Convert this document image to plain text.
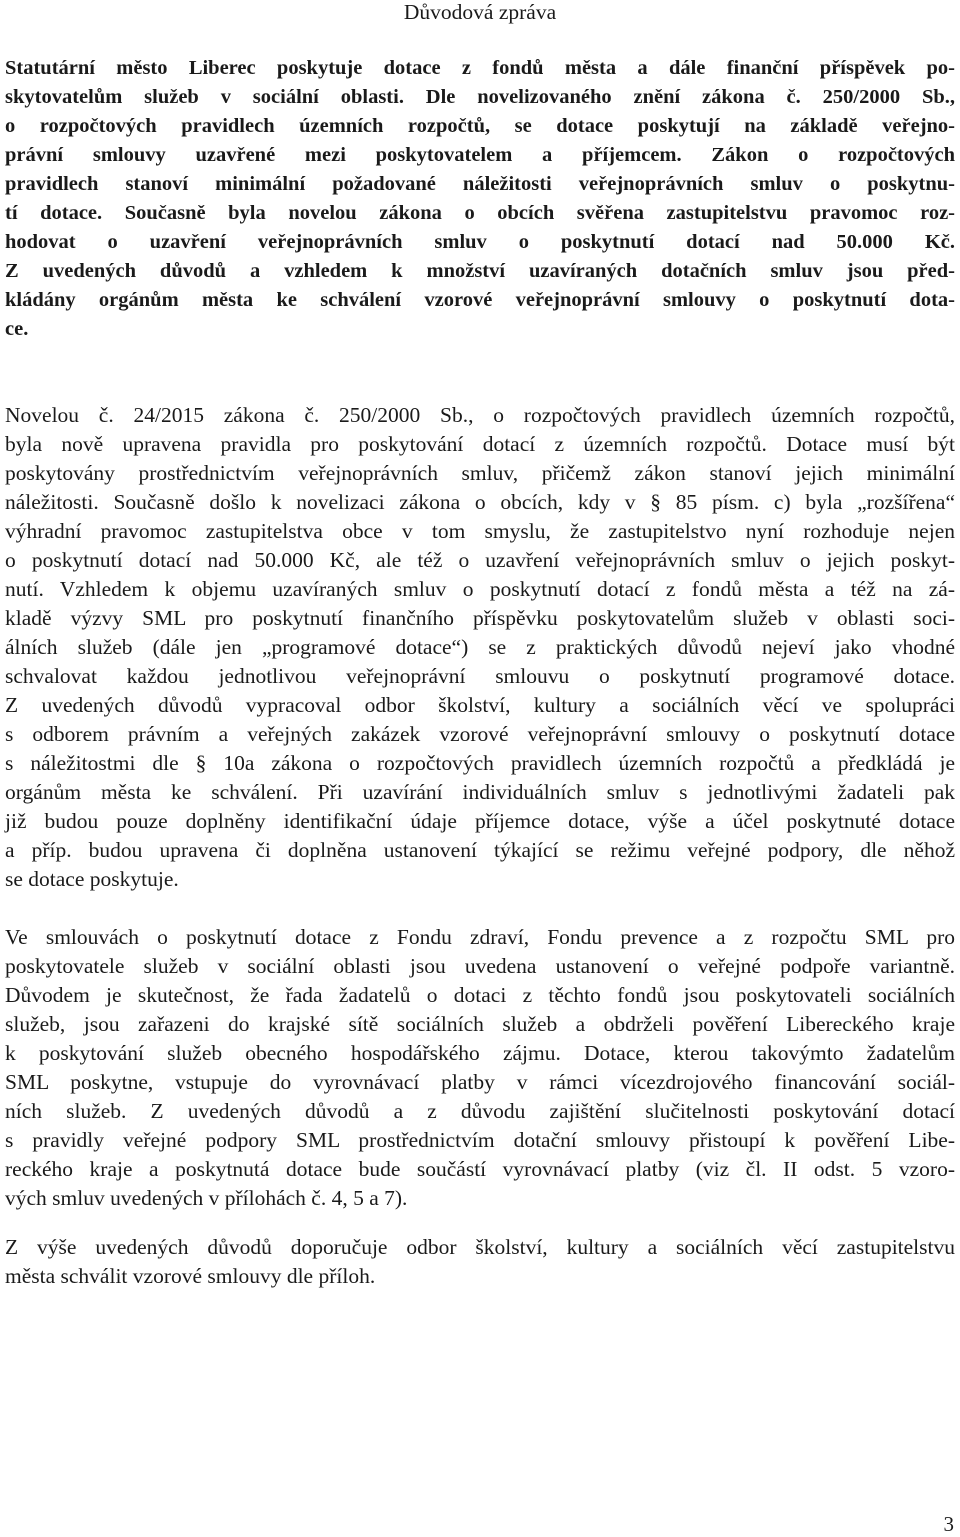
Důvodová zpráva

Statutární město Liberec poskytuje dotace z fondů města a dále finanční příspěvek po-

skytovatelům služeb v sociální oblasti. Dle novelizovaného znění zákona č. 250/2000 Sb.,

o rozpočtových pravidlech územních rozpočtů, se dotace poskytují na základě veřejno-

právní smlouvy uzavřené mezi poskytovatelem a příjemcem. Zákon o rozpočtových

pravidlech stanoví minimální požadované náležitosti veřejnoprávních smluv o poskytnu-

tí dotace. Současně byla novelou zákona o obcích svěřena zastupitelstvu pravomoc roz-

hodovat o uzavření veřejnoprávních smluv o poskytnutí dotací nad 50.000 Kč.

Z uvedených důvodů a vzhledem k množství uzavíraných dotačních smluv jsou před-

kládány orgánům města ke schválení vzorové veřejnoprávní smlouvy o poskytnutí dota-

ce.

Novelou č. 24/2015 zákona č. 250/2000 Sb., o rozpočtových pravidlech územních rozpočtů,

byla nově upravena pravidla pro poskytování dotací z územních rozpočtů. Dotace musí být

poskytovány prostřednictvím veřejnoprávních smluv, přičemž zákon stanoví jejich minimální

náležitosti. Současně došlo k novelizaci zákona o obcích, kdy v § 85 písm. c) byla „rozšířena“

výhradní pravomoc zastupitelstva obce v tom smyslu, že zastupitelstvo nyní rozhoduje nejen

o poskytnutí dotací nad 50.000 Kč, ale též o uzavření veřejnoprávních smluv o jejich poskyt-

nutí. Vzhledem k objemu uzavíraných smluv o poskytnutí dotací z fondů města a též na zá-

kladě výzvy SML pro poskytnutí finančního příspěvku poskytovatelům služeb v oblasti soci-

álních služeb (dále jen „programové dotace“) se z praktických důvodů nejeví jako vhodné

schvalovat každou jednotlivou veřejnoprávní smlouvu o poskytnutí programové dotace.

Z uvedených důvodů vypracoval odbor školství, kultury a sociálních věcí ve spolupráci

s odborem právním a veřejných zakázek vzorové veřejnoprávní smlouvy o poskytnutí dotace

s náležitostmi dle § 10a zákona o rozpočtových pravidlech územních rozpočtů a předkládá je

orgánům města ke schválení. Při uzavírání individuálních smluv s jednotlivými žadateli pak

již budou pouze doplněny identifikační údaje příjemce dotace, výše a účel poskytnuté dotace

a příp. budou upravena či doplněna ustanovení týkající se režimu veřejné podpory, dle něhož

se dotace poskytuje.

Ve smlouvách o poskytnutí dotace z Fondu zdraví, Fondu prevence a z rozpočtu SML pro

poskytovatele služeb v sociální oblasti jsou uvedena ustanovení o veřejné podpoře variantně.

Důvodem je skutečnost, že řada žadatelů o dotaci z těchto fondů jsou poskytovateli sociálních

služeb, jsou zařazeni do krajské sítě sociálních služeb a obdrželi pověření Libereckého kraje

k poskytování služeb obecného hospodářského zájmu. Dotace, kterou takovýmto žadatelům

SML poskytne, vstupuje do vyrovnávací platby v rámci vícezdrojového financování sociál-

ních služeb. Z uvedených důvodů a z důvodu zajištění slučitelnosti poskytování dotací

s pravidly veřejné podpory SML prostřednictvím dotační smlouvy přistoupí k pověření Libe-

reckého kraje a poskytnutá dotace bude součástí vyrovnávací platby (viz čl. II odst. 5 vzoro-

vých smluv uvedených v přílohách č. 4, 5 a 7).

Z výše uvedených důvodů doporučuje odbor školství, kultury a sociálních věcí zastupitelstvu

města schválit vzorové smlouvy dle příloh.

3
